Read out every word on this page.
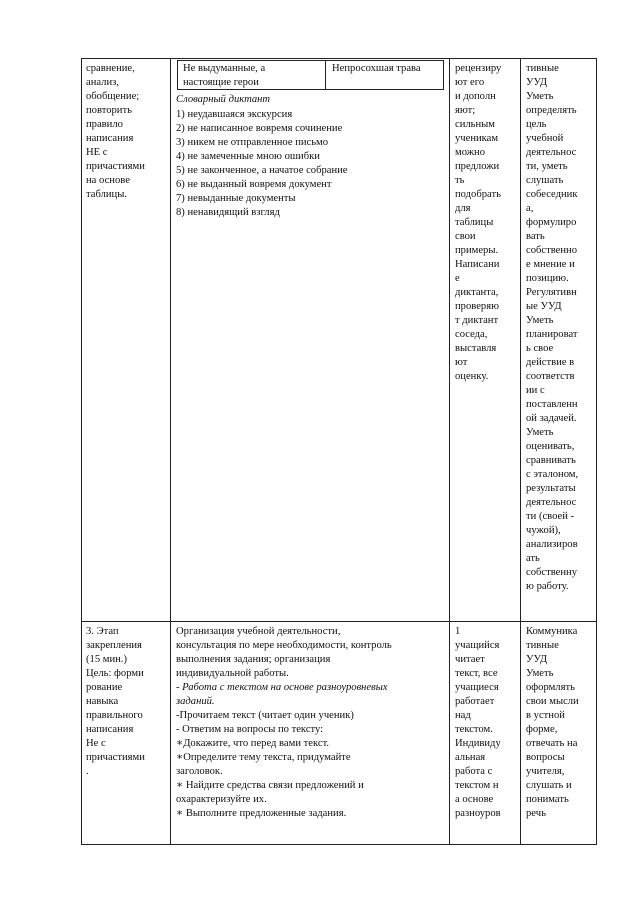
сравнение,
анализ,
обобщение;
повторить
правило
написания
НЕ с
причастиями
на основе
таблицы.
Не выдуманные, а
настоящие герои
Непросохшая трава
Словарный диктант
1) неудавшаяся экскурсия
2) не написанное вовремя сочинение
3) никем не отправленное письмо
4) не замеченные мною ошибки
5) не законченное, а начатое собрание
6) не выданный вовремя документ
7) невыданные документы
8) ненавидящий взгляд
рецензиру
ют его
и дополн
яют;
сильным
ученикам
можно
предложи
ть
подобрать
для
таблицы
свои
примеры.
Написани
е
диктанта,
проверяю
т диктант
соседа,
выставля
ют
оценку.
тивные
УУД
Уметь
определять
цель
учебной
деятельнос
ти, уметь
слушать
собеседник
а,
формулиро
вать
собственно
е мнение и
позицию.
Регулятивн
ые УУД
Уметь
планироват
ь свое
действие в
соответств
ии с
поставленн
ой задачей.
Уметь
оценивать,
сравнивать
с эталоном,
результаты
деятельнос
ти (своей -
чужой),
анализиров
ать
собственну
ю работу.
3. Этап
закрепления
(15 мин.)
Цель: форми
рование
навыка
правильного
написания
Не с
причастиями
.
Организация учебной деятельности,
консультация по мере необходимости, контроль
выполнения задания; организация
индивидуальной работы.
- Работа с текстом на основе разноуровневых
заданий.
-Прочитаем текст (читает один ученик)
- Ответим на вопросы по тексту:
∗Докажите, что перед вами текст.
∗Определите тему текста, придумайте
заголовок.
∗ Найдите средства связи предложений и
охарактеризуйте их.
∗ Выполните предложенные задания.
1
учащийся
читает
текст, все
учащиеся
работает
над
текстом.
Индивиду
альная
работа с
текстом н
а основе
разноуров
Коммуника
тивные
УУД
Уметь
оформлять
свои мысли
в устной
форме,
отвечать на
вопросы
учителя,
слушать и
понимать
речь
